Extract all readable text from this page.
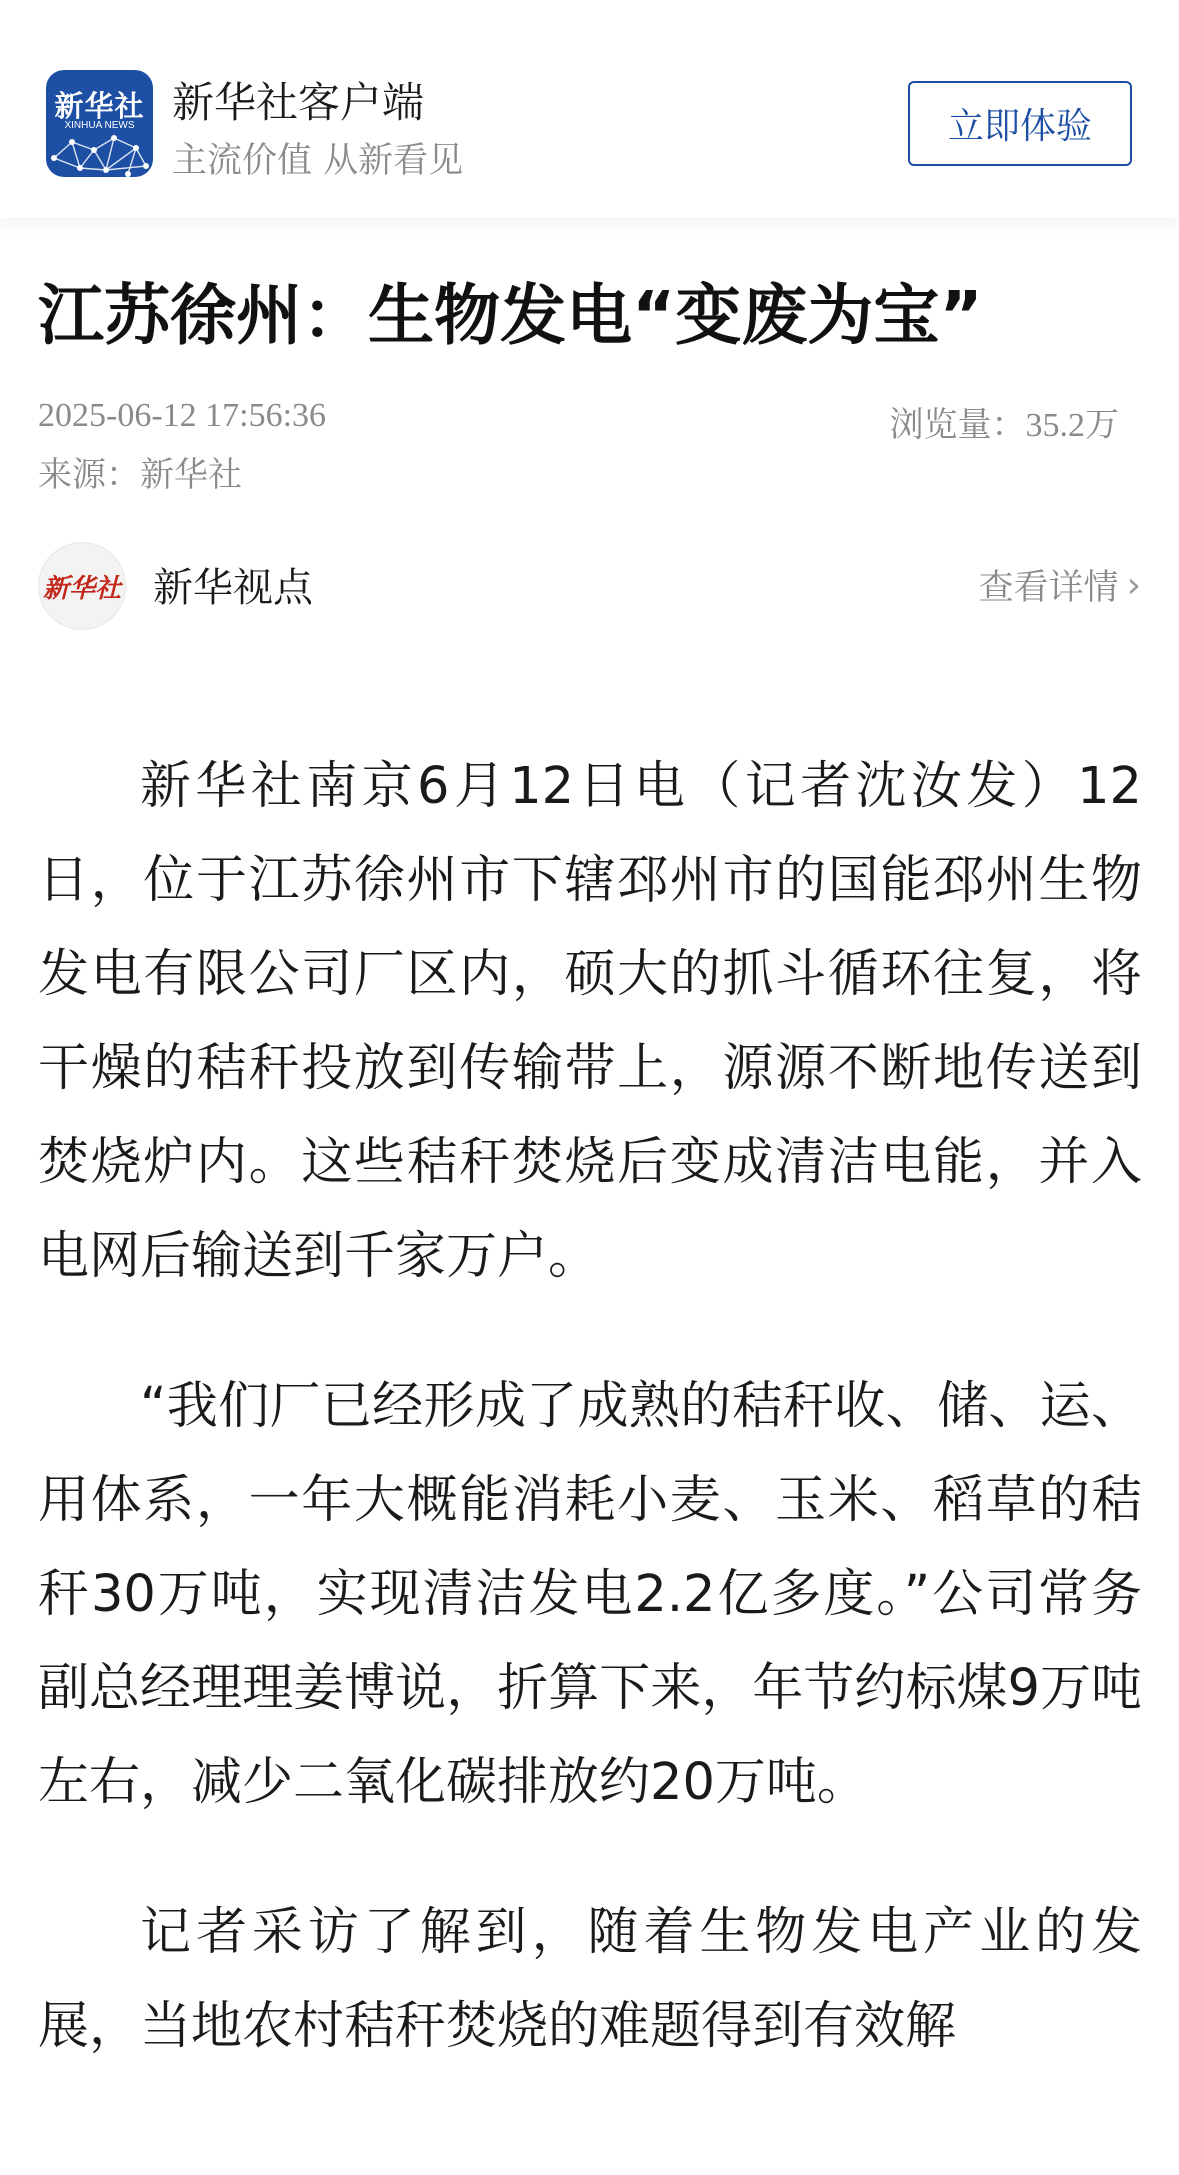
新华社
XINHUA NEWS 新华社客户端
主流价值 从新看见
立即体验
江苏徐州：生物发电“变废为宝”
2025-06-12 17:56:36	浏览量：35.2万
来源：新华社
新华社 新华视点	查看详情 ›

新华社南京6月12日电（记者沈汝发）12日，位于江苏徐州市下辖邳州市的国能邳州生物发电有限公司厂区内，硕大的抓斗循环往复，将干燥的秸秆投放到传输带上，源源不断地传送到焚烧炉内。这些秸秆焚烧后变成清洁电能，并入电网后输送到千家万户。

“我们厂已经形成了成熟的秸秆收、储、运、用体系，一年大概能消耗小麦、玉米、稻草的秸秆30万吨，实现清洁发电2.2亿多度。”公司常务副总经理理姜博说，折算下来，年节约标煤9万吨左右，减少二氧化碳排放约20万吨。

记者采访了解到，随着生物发电产业的发展，当地农村秸秆焚烧的难题得到有效解
